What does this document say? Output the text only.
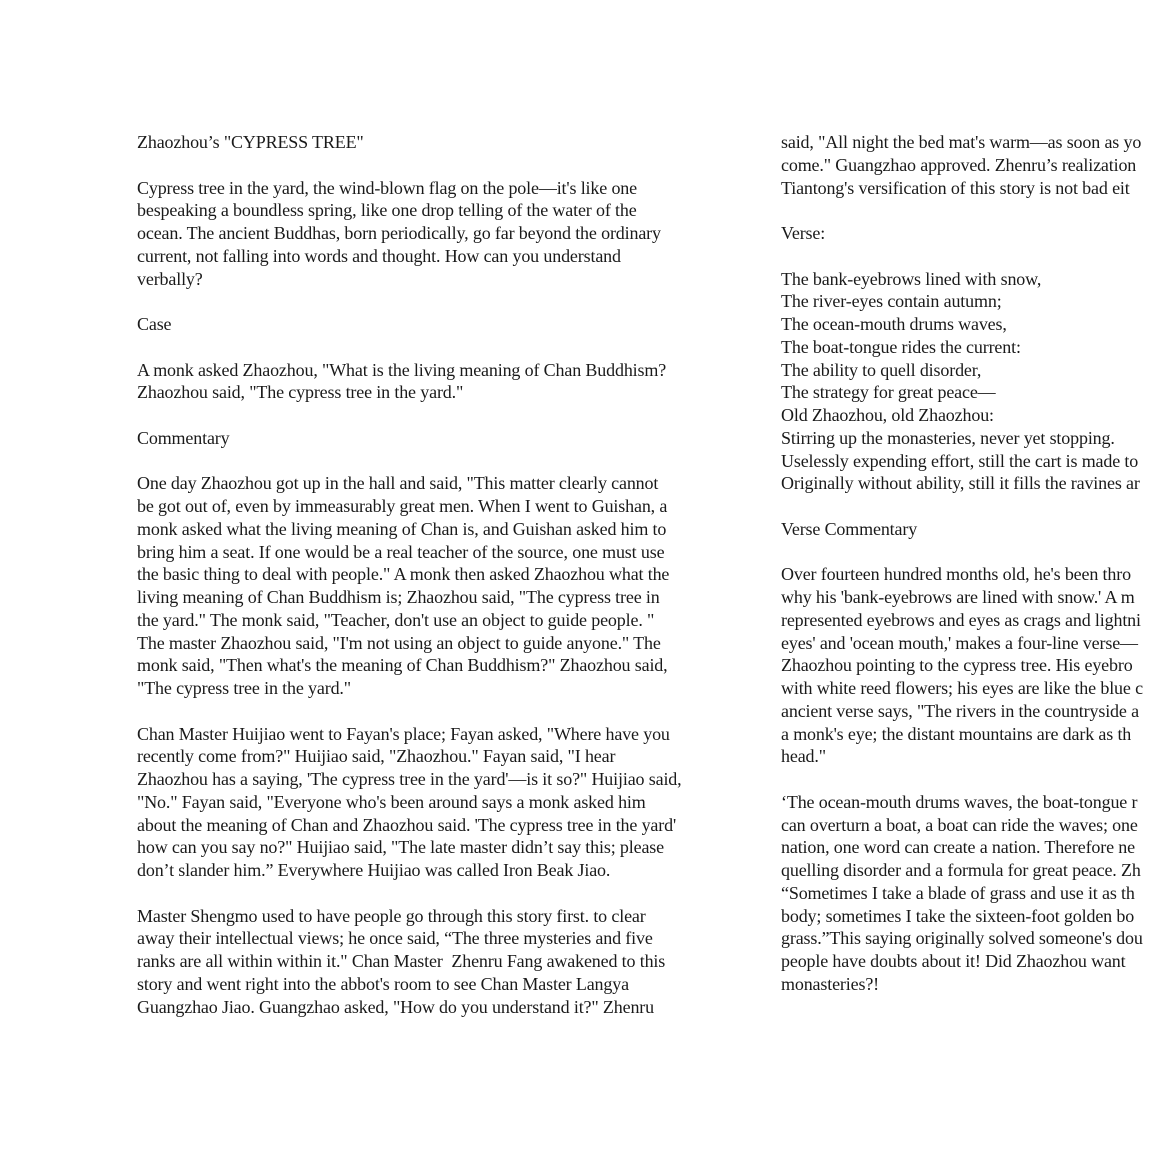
Zhaozhou’s "CYPRESS TREE"
Cypress tree in the yard, the wind-blown flag on the pole—it's like one
bespeaking a boundless spring, like one drop telling of the water of the
ocean. The ancient Buddhas, born periodically, go far beyond the ordinary
current, not falling into words and thought. How can you understand
verbally?
Case
A monk asked Zhaozhou, "What is the living meaning of Chan Buddhism?
Zhaozhou said, "The cypress tree in the yard."
Commentary
One day Zhaozhou got up in the hall and said, "This matter clearly cannot
be got out of, even by immeasurably great men. When I went to Guishan, a
monk asked what the living meaning of Chan is, and Guishan asked him to
bring him a seat. If one would be a real teacher of the source, one must use
the basic thing to deal with people." A monk then asked Zhaozhou what the
living meaning of Chan Buddhism is; Zhaozhou said, "The cypress tree in
the yard." The monk said, "Teacher, don't use an object to guide people. "
The master Zhaozhou said, "I'm not using an object to guide anyone." The
monk said, "Then what's the meaning of Chan Buddhism?" Zhaozhou said,
"The cypress tree in the yard."
Chan Master Huijiao went to Fayan's place; Fayan asked, "Where have you
recently come from?" Huijiao said, "Zhaozhou." Fayan said, "I hear
Zhaozhou has a saying, 'The cypress tree in the yard'—is it so?" Huijiao said,
"No." Fayan said, "Everyone who's been around says a monk asked him
about the meaning of Chan and Zhaozhou said. 'The cypress tree in the yard'
how can you say no?" Huijiao said, "The late master didn’t say this; please
don’t slander him.” Everywhere Huijiao was called Iron Beak Jiao.
Master Shengmo used to have people go through this story first. to clear
away their intellectual views; he once said, “The three mysteries and five
ranks are all within within it." Chan Master  Zhenru Fang awakened to this
story and went right into the abbot's room to see Chan Master Langya
Guangzhao Jiao. Guangzhao asked, "How do you understand it?" Zhenru
said, "All night the bed mat's warm—as soon as yo
come." Guangzhao approved. Zhenru’s realization
Tiantong's versification of this story is not bad eit
Verse:
The bank-eyebrows lined with snow,
The river-eyes contain autumn;
The ocean-mouth drums waves,
The boat-tongue rides the current:
The ability to quell disorder,
The strategy for great peace—
Old Zhaozhou, old Zhaozhou:
Stirring up the monasteries, never yet stopping.
Uselessly expending effort, still the cart is made to
Originally without ability, still it fills the ravines ar
Verse Commentary
Over fourteen hundred months old, he's been thro
why his 'bank-eyebrows are lined with snow.' A m
represented eyebrows and eyes as crags and lightni
eyes' and 'ocean mouth,' makes a four-line verse—
Zhaozhou pointing to the cypress tree. His eyebro
with white reed flowers; his eyes are like the blue c
ancient verse says, "The rivers in the countryside a
a monk's eye; the distant mountains are dark as th
head."
‘The ocean-mouth drums waves, the boat-tongue r
can overturn a boat, a boat can ride the waves; one
nation, one word can create a nation. Therefore ne
quelling disorder and a formula for great peace. Zh
“Sometimes I take a blade of grass and use it as th
body; sometimes I take the sixteen-foot golden bo
grass.”This saying originally solved someone's dou
people have doubts about it! Did Zhaozhou want
monasteries?!
